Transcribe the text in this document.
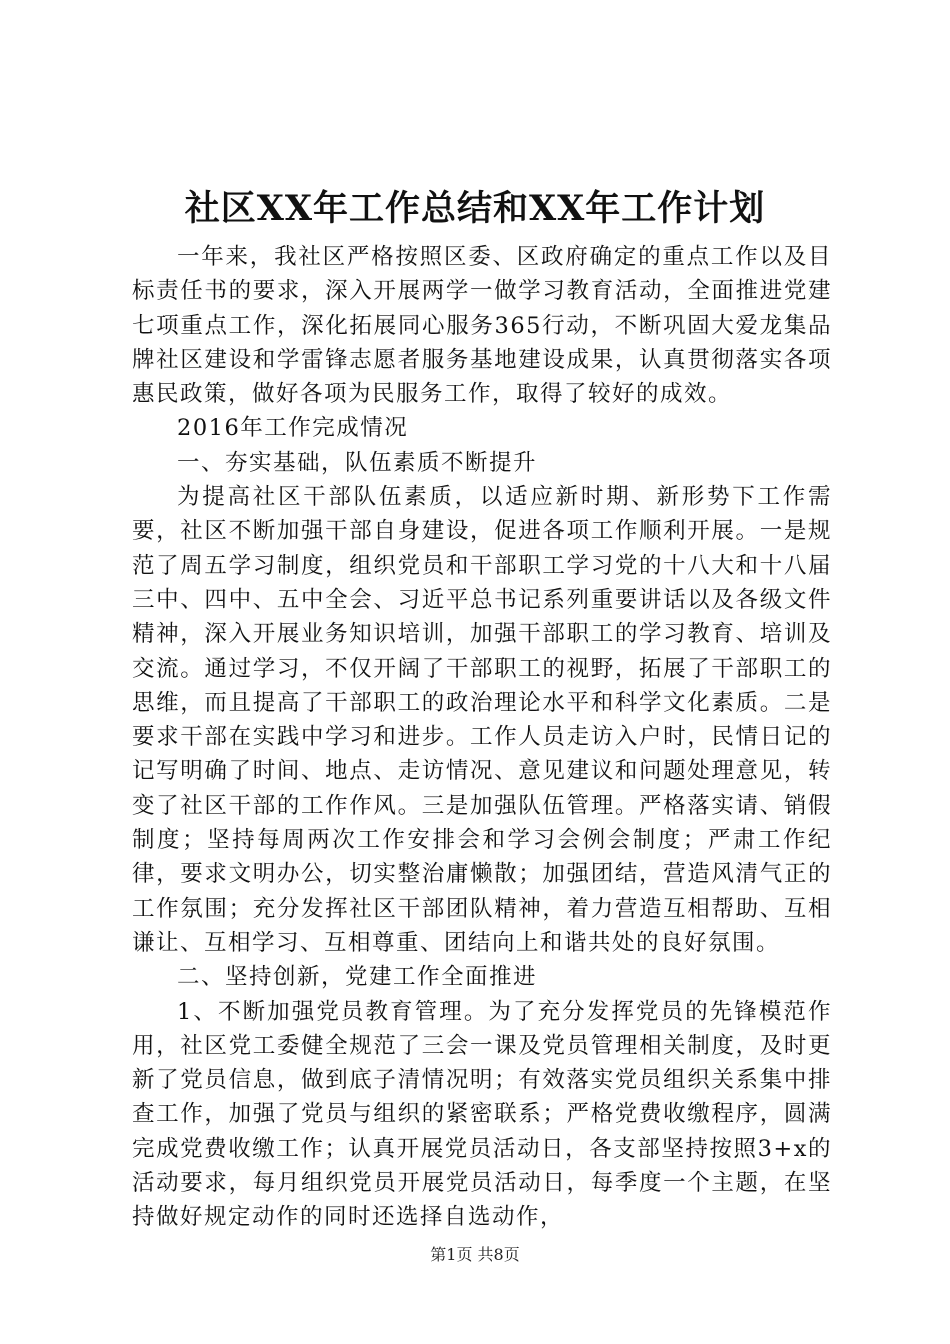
社区XX年工作总结和XX年工作计划

一年来，我社区严格按照区委、区政府确定的重点工作以及目标责任书的要求，深入开展两学一做学习教育活动，全面推进党建七项重点工作，深化拓展同心服务365行动，不断巩固大爱龙集品牌社区建设和学雷锋志愿者服务基地建设成果，认真贯彻落实各项惠民政策，做好各项为民服务工作，取得了较好的成效。

2016年工作完成情况

一、夯实基础，队伍素质不断提升

为提高社区干部队伍素质，以适应新时期、新形势下工作需要，社区不断加强干部自身建设，促进各项工作顺利开展。一是规范了周五学习制度，组织党员和干部职工学习党的十八大和十八届三中、四中、五中全会、习近平总书记系列重要讲话以及各级文件精神，深入开展业务知识培训，加强干部职工的学习教育、培训及交流。通过学习，不仅开阔了干部职工的视野，拓展了干部职工的思维，而且提高了干部职工的政治理论水平和科学文化素质。二是要求干部在实践中学习和进步。工作人员走访入户时，民情日记的记写明确了时间、地点、走访情况、意见建议和问题处理意见，转变了社区干部的工作作风。三是加强队伍管理。严格落实请、销假制度；坚持每周两次工作安排会和学习会例会制度；严肃工作纪律，要求文明办公，切实整治庸懒散；加强团结，营造风清气正的工作氛围；充分发挥社区干部团队精神，着力营造互相帮助、互相谦让、互相学习、互相尊重、团结向上和谐共处的良好氛围。

二、坚持创新，党建工作全面推进

1、不断加强党员教育管理。为了充分发挥党员的先锋模范作用，社区党工委健全规范了三会一课及党员管理相关制度，及时更新了党员信息，做到底子清情况明；有效落实党员组织关系集中排查工作，加强了党员与组织的紧密联系；严格党费收缴程序，圆满完成党费收缴工作；认真开展党员活动日，各支部坚持按照3+x的活动要求，每月组织党员开展党员活动日，每季度一个主题，在坚持做好规定动作的同时还选择自选动作，

第1页 共8页
